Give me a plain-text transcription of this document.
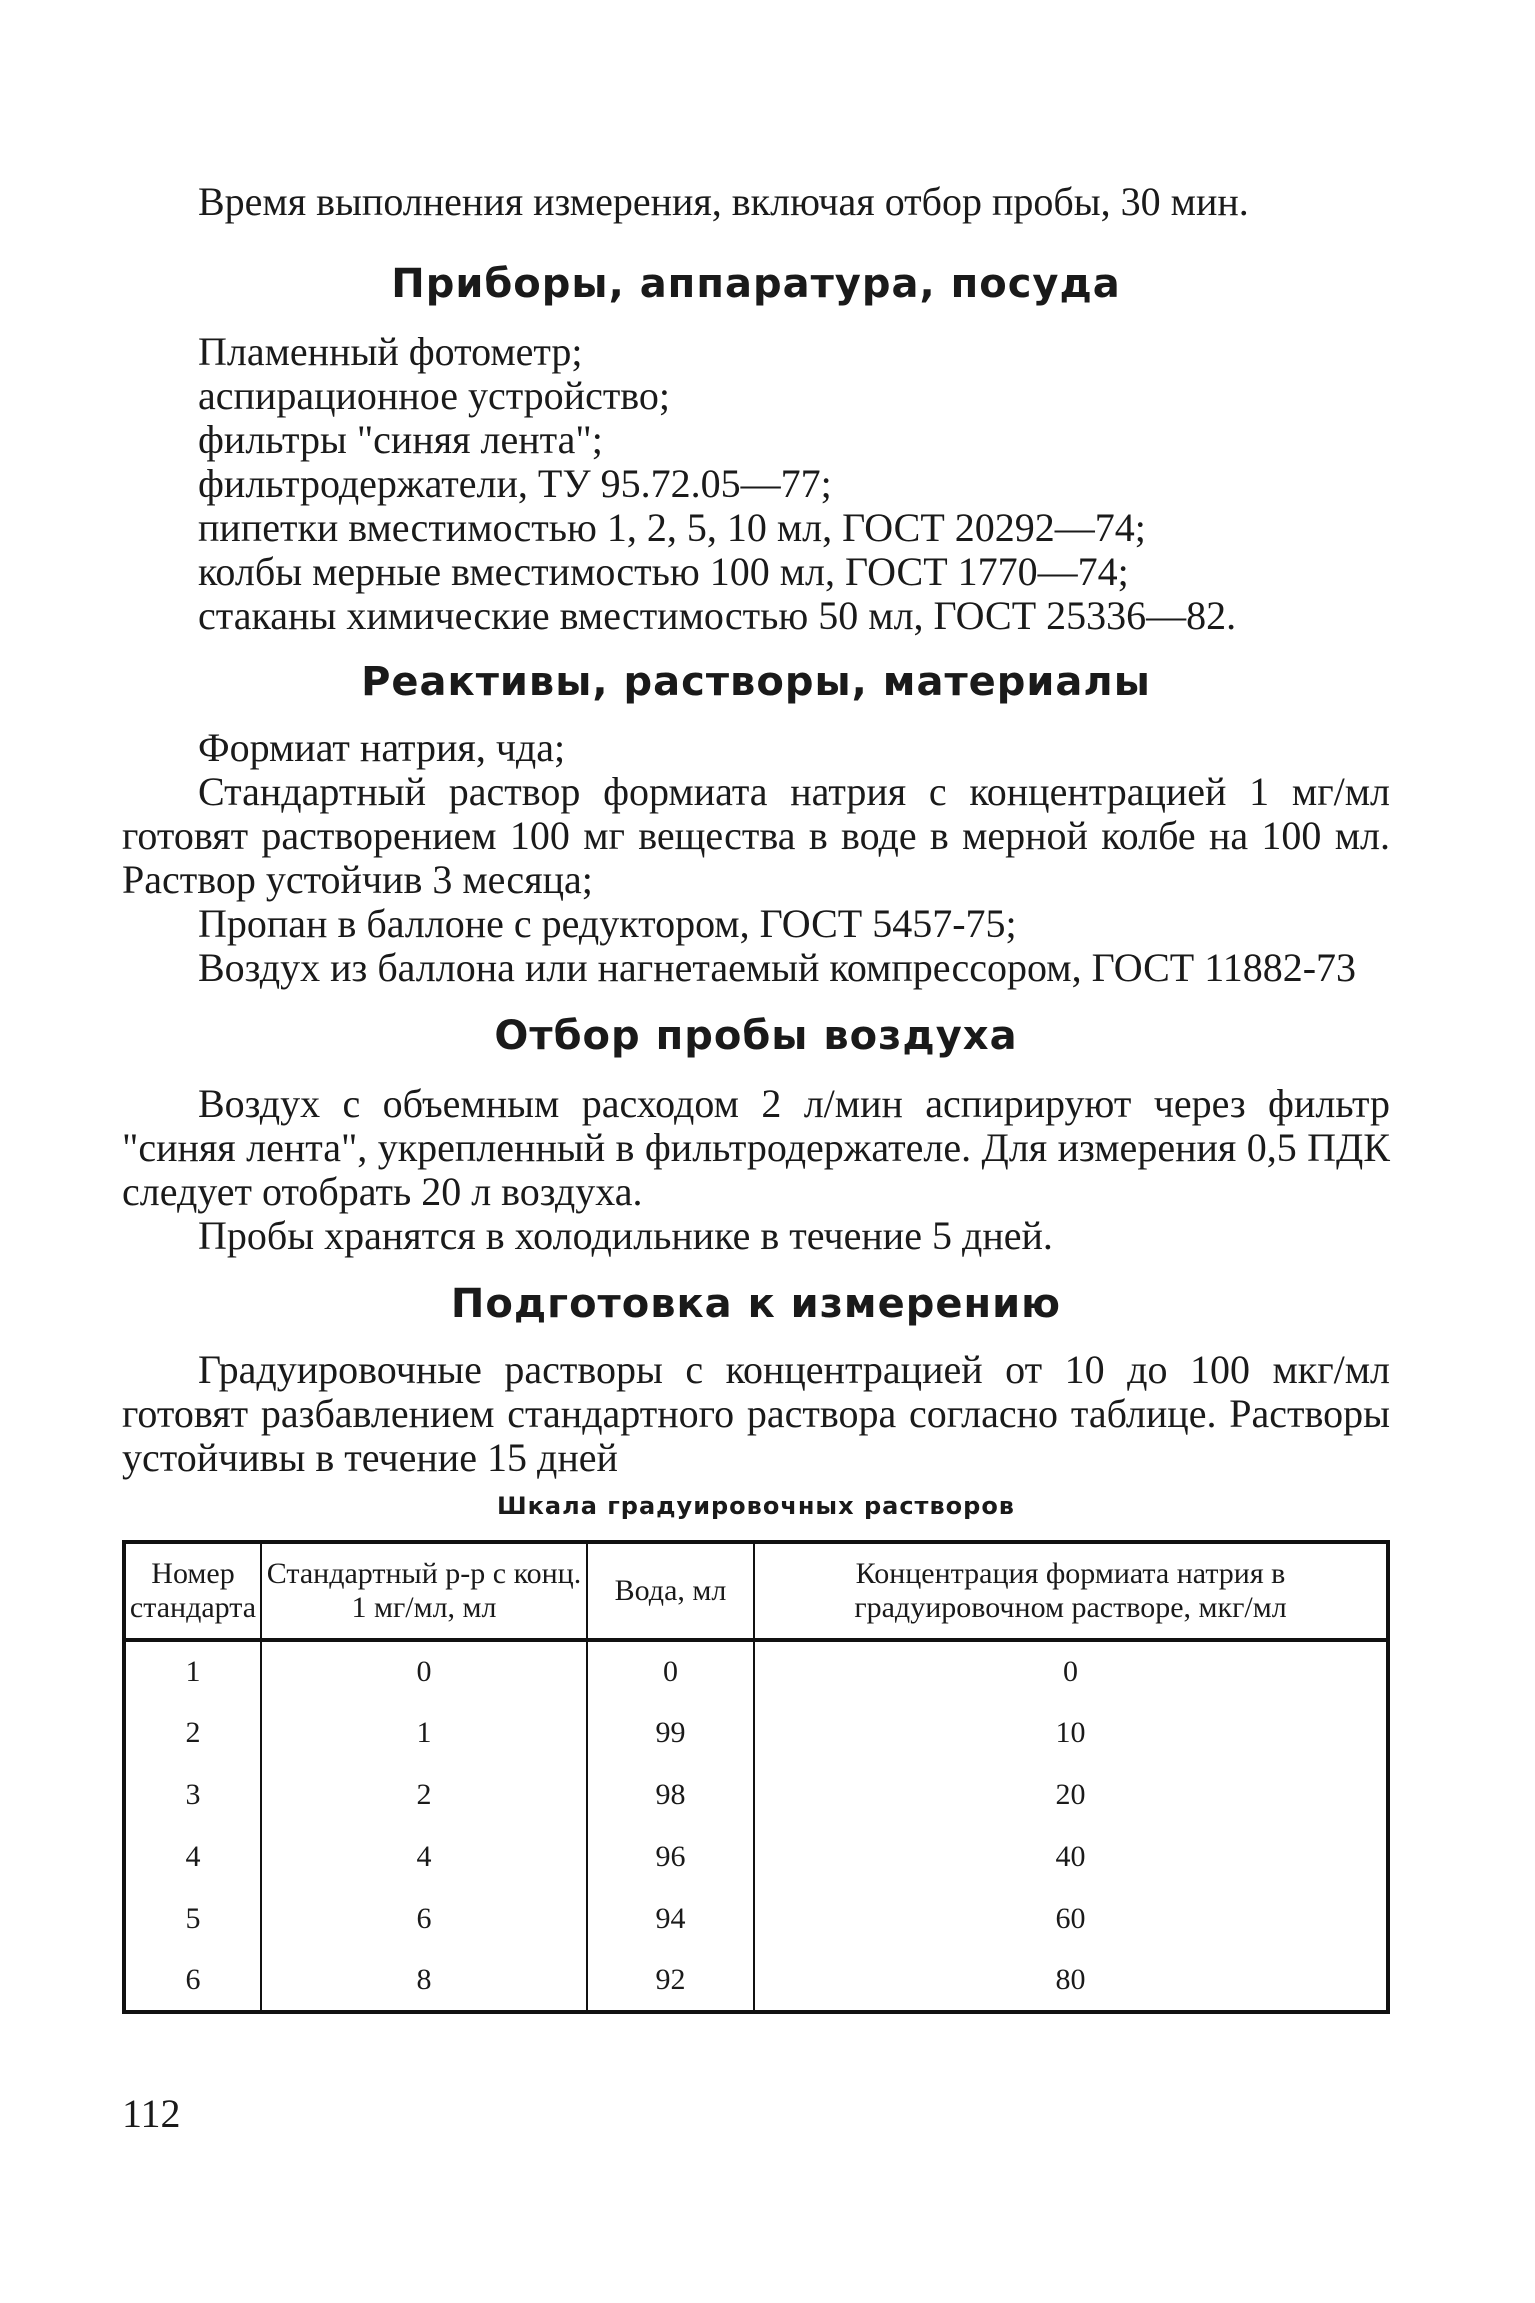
Время выполнения измерения, включая отбор пробы, 30 мин.

Приборы, аппаратура, посуда

Пламенный фотометр;

аспирационное устройство;

фильтры "синяя лента";

фильтродержатели, ТУ 95.72.05—77;

пипетки вместимостью 1, 2, 5, 10 мл, ГОСТ 20292—74;

колбы мерные вместимостью 100 мл, ГОСТ 1770—74;

стаканы химические вместимостью 50 мл, ГОСТ 25336—82.

Реактивы, растворы, материалы

Формиат натрия, чда;

Стандартный раствор формиата натрия с концентрацией 1 мг/мл готовят растворением 100 мг вещества в воде в мерной колбе на 100 мл. Раствор устойчив 3 месяца;

Пропан в баллоне с редуктором, ГОСТ 5457-75;

Воздух из баллона или нагнетаемый компрессором, ГОСТ 11882-73

Отбор пробы воздуха

Воздух с объемным расходом 2 л/мин аспирируют через фильтр "синяя лента", укрепленный в фильтродержателе. Для измерения 0,5 ПДК следует отобрать 20 л воздуха.

Пробы хранятся в холодильнике в течение 5 дней.

Подготовка к измерению

Градуировочные растворы с концентрацией от 10 до 100 мкг/мл готовят разбавлением стандартного раствора согласно таблице. Растворы устойчивы в течение 15 дней

Шкала градуировочных растворов
Номер стандарта	Стандартный р-р с конц. 1 мг/мл, мл	Вода, мл	Концентрация формиата натрия в градуировочном растворе, мкг/мл
1	0	0	0
2	1	99	10
3	2	98	20
4	4	96	40
5	6	94	60
6	8	92	80
112
